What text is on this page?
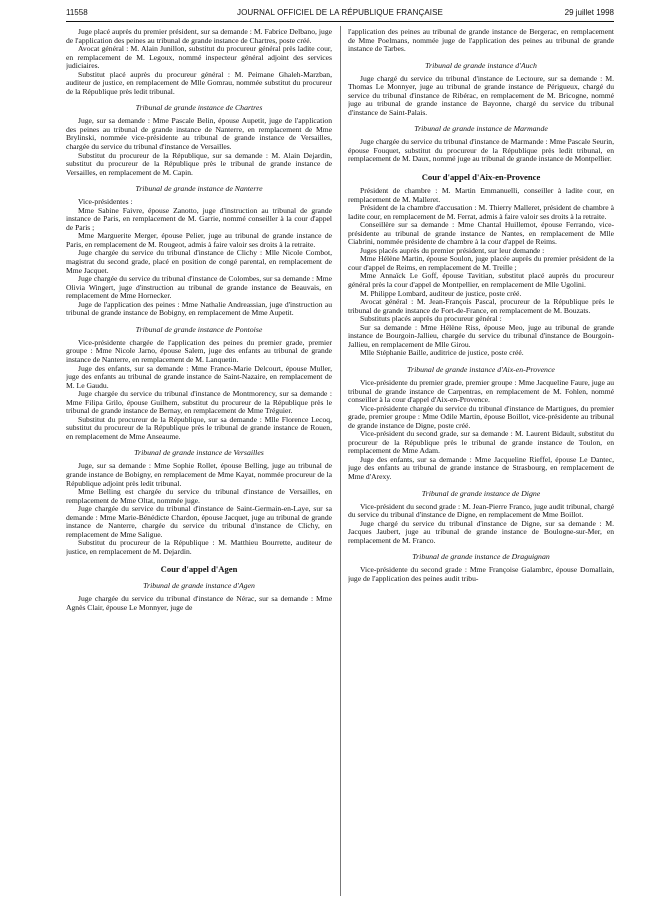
11558	JOURNAL OFFICIEL DE LA RÉPUBLIQUE FRANÇAISE	29 juillet 1998

Juge placé auprès du premier président, sur sa demande : M. Fabrice Delbano, juge de l'application des peines au tribunal de grande instance de Chartres, poste créé.

Avocat général : M. Alain Junillon, substitut du procureur général près ladite cour, en remplacement de M. Legoux, nommé inspecteur général adjoint des services judiciaires.

Substitut placé auprès du procureur général : M. Peimane Ghaleh-Marzban, auditeur de justice, en remplacement de Mlle Gomrau, nommée substitut du procureur de la République près ledit tribunal.

Tribunal de grande instance de Chartres

Juge, sur sa demande : Mme Pascale Belin, épouse Aupetit, juge de l'application des peines au tribunal de grande instance de Nanterre, en remplacement de Mme Brylinski, nommée vice-présidente au tribunal de grande instance de Versailles, chargée du service du tribunal d'instance de Versailles.

Substitut du procureur de la République, sur sa demande : M. Alain Dejardin, substitut du procureur de la République près le tribunal de grande instance de Versailles, en remplacement de M. Capin.

Tribunal de grande instance de Nanterre

Vice-présidentes :

Mme Sabine Faivre, épouse Zanotto, juge d'instruction au tribunal de grande instance de Paris, en remplacement de M. Garrie, nommé conseiller à la cour d'appel de Paris ;

Mme Marguerite Merger, épouse Pelier, juge au tribunal de grande instance de Paris, en remplacement de M. Rougeot, admis à faire valoir ses droits à la retraite.

Juge chargée du service du tribunal d'instance de Clichy : Mlle Nicole Combot, magistrat du second grade, placé en position de congé parental, en remplacement de Mme Jacquet.

Juge chargée du service du tribunal d'instance de Colombes, sur sa demande : Mme Olivia Wingert, juge d'instruction au tribunal de grande instance de Beauvais, en remplacement de Mme Hornecker.

Juge de l'application des peines : Mme Nathalie Andreassian, juge d'instruction au tribunal de grande instance de Bobigny, en remplacement de Mme Aupetit.

Tribunal de grande instance de Pontoise

Vice-présidente chargée de l'application des peines du premier grade, premier groupe : Mme Nicole Jarno, épouse Salem, juge des enfants au tribunal de grande instance de Nanterre, en remplacement de M. Lanquetin.

Juge des enfants, sur sa demande : Mme France-Marie Delcourt, épouse Muller, juge des enfants au tribunal de grande instance de Saint-Nazaire, en remplacement de M. Le Gaudu.

Juge chargée du service du tribunal d'instance de Montmorency, sur sa demande : Mme Filipa Grilo, épouse Guilhem, substitut du procureur de la République près le tribunal de grande instance de Bernay, en remplacement de Mme Tréguier.

Substitut du procureur de la République, sur sa demande : Mlle Florence Lecoq, substitut du procureur de la République près le tribunal de grande instance de Rouen, en remplacement de Mme Anseaume.

Tribunal de grande instance de Versailles

Juge, sur sa demande : Mme Sophie Rollet, épouse Belling, juge au tribunal de grande instance de Bobigny, en remplacement de Mme Kayat, nommée procureur de la République adjoint près ledit tribunal.

Mme Belling est chargée du service du tribunal d'instance de Versailles, en remplacement de Mme Oltat, nommée juge.

Juge chargée du service du tribunal d'instance de Saint-Germain-en-Laye, sur sa demande : Mme Marie-Bénédicte Chardon, épouse Jacquet, juge au tribunal de grande instance de Nanterre, chargée du service du tribunal d'instance de Clichy, en remplacement de Mme Saligue.

Substitut du procureur de la République : M. Matthieu Bourrette, auditeur de justice, en remplacement de M. Dejardin.

Cour d'appel d'Agen
Tribunal de grande instance d'Agen

Juge chargée du service du tribunal d'instance de Nérac, sur sa demande : Mme Agnès Clair, épouse Le Monnyer, juge de

l'application des peines au tribunal de grande instance de Bergerac, en remplacement de Mme Poelmans, nommée juge de l'application des peines au tribunal de grande instance de Tarbes.

Tribunal de grande instance d'Auch

Juge chargé du service du tribunal d'instance de Lectoure, sur sa demande : M. Thomas Le Monnyer, juge au tribunal de grande instance de Périgueux, chargé du service du tribunal d'instance de Ribérac, en remplacement de M. Bricogne, nommé juge au tribunal de grande instance de Bayonne, chargé du service du tribunal d'instance de Saint-Palais.

Tribunal de grande instance de Marmande

Juge chargée du service du tribunal d'instance de Marmande : Mme Pascale Seurin, épouse Fouquet, substitut du procureur de la République près ledit tribunal, en remplacement de M. Daux, nommé juge au tribunal de grande instance de Montpellier.

Cour d'appel d'Aix-en-Provence

Président de chambre : M. Martin Emmanuelli, conseiller à ladite cour, en remplacement de M. Malleret.

Président de la chambre d'accusation : M. Thierry Malleret, président de chambre à ladite cour, en remplacement de M. Ferrat, admis à faire valoir ses droits à la retraite.

Conseillère sur sa demande : Mme Chantal Huillemot, épouse Ferrando, vice-présidente au tribunal de grande instance de Nantes, en remplacement de Mlle Ciabrini, nommée présidente de chambre à la cour d'appel de Reims.

Juges placés auprès du premier président, sur leur demande :

Mme Hélène Martin, épouse Soulon, juge placée auprès du premier président de la cour d'appel de Reims, en remplacement de M. Treille ;

Mme Annaïck Le Goff, épouse Tavitian, substitut placé auprès du procureur général près la cour d'appel de Montpellier, en remplacement de Mlle Ugolini.

M. Philippe Lombard, auditeur de justice, poste créé.

Avocat général : M. Jean-François Pascal, procureur de la République près le tribunal de grande instance de Fort-de-France, en remplacement de M. Bouzats.

Substituts placés auprès du procureur général :

Sur sa demande : Mme Hélène Riss, épouse Meo, juge au tribunal de grande instance de Bourgoin-Jallieu, chargée du service du tribunal d'instance de Bourgoin-Jallieu, en remplacement de Mlle Girou.

Mlle Stéphanie Baille, auditrice de justice, poste créé.

Tribunal de grande instance d'Aix-en-Provence

Vice-présidente du premier grade, premier groupe : Mme Jacqueline Faure, juge au tribunal de grande instance de Carpentras, en remplacement de M. Fohlen, nommé conseiller à la cour d'appel d'Aix-en-Provence.

Vice-présidente chargée du service du tribunal d'instance de Martigues, du premier grade, premier groupe : Mme Odile Martin, épouse Boillot, vice-présidente au tribunal de grande instance de Digne, poste créé.

Vice-président du second grade, sur sa demande : M. Laurent Bidault, substitut du procureur de la République près le tribunal de grande instance de Toulon, en remplacement de Mme Adam.

Juge des enfants, sur sa demande : Mme Jacqueline Rieffel, épouse Le Dantec, juge des enfants au tribunal de grande instance de Strasbourg, en remplacement de Mme d'Arexy.

Tribunal de grande instance de Digne

Vice-président du second grade : M. Jean-Pierre Franco, juge audit tribunal, chargé du service du tribunal d'instance de Digne, en remplacement de Mme Boillot.

Juge chargé du service du tribunal d'instance de Digne, sur sa demande : M. Jacques Jaubert, juge au tribunal de grande instance de Boulogne-sur-Mer, en remplacement de M. Franco.

Tribunal de grande instance de Draguignan

Vice-présidente du second grade : Mme Françoise Galambrc, épouse Domallain, juge de l'application des peines audit tribu-
